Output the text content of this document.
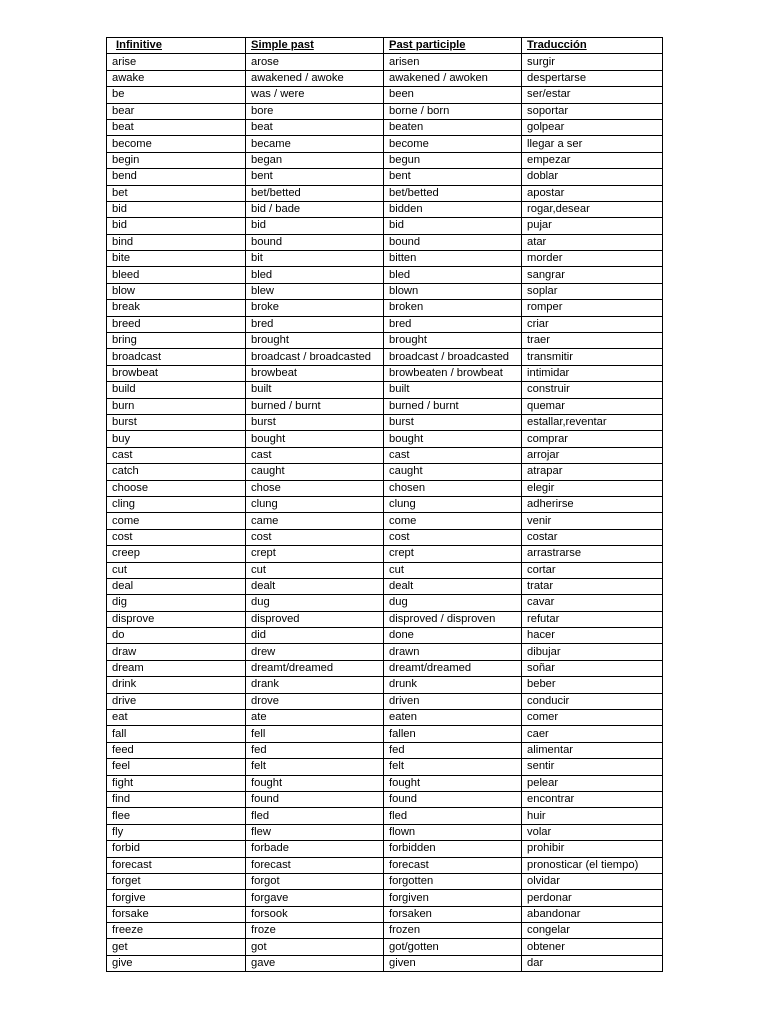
Infinitive	Simple past	Past participle	Traducción
arise	arose	arisen	surgir
awake	awakened / awoke	awakened / awoken	despertarse
be	was / were	been	ser/estar
bear	bore	borne / born	soportar
beat	beat	beaten	golpear
become	became	become	llegar a ser
begin	began	begun	empezar
bend	bent	bent	doblar
bet	bet/betted	bet/betted	apostar
bid	bid / bade	bidden	rogar,desear
bid	bid	bid	pujar
bind	bound	bound	atar
bite	bit	bitten	morder
bleed	bled	bled	sangrar
blow	blew	blown	soplar
break	broke	broken	romper
breed	bred	bred	criar
bring	brought	brought	traer
broadcast	broadcast / broadcasted	broadcast / broadcasted	transmitir
browbeat	browbeat	browbeaten / browbeat	intimidar
build	built	built	construir
burn	burned / burnt	burned / burnt	quemar
burst	burst	burst	estallar,reventar
buy	bought	bought	comprar
cast	cast	cast	arrojar
catch	caught	caught	atrapar
choose	chose	chosen	elegir
cling	clung	clung	adherirse
come	came	come	venir
cost	cost	cost	costar
creep	crept	crept	arrastrarse
cut	cut	cut	cortar
deal	dealt	dealt	tratar
dig	dug	dug	cavar
disprove	disproved	disproved / disproven	refutar
do	did	done	hacer
draw	drew	drawn	dibujar
dream	dreamt/dreamed	dreamt/dreamed	soñar
drink	drank	drunk	beber
drive	drove	driven	conducir
eat	ate	eaten	comer
fall	fell	fallen	caer
feed	fed	fed	alimentar
feel	felt	felt	sentir
fight	fought	fought	pelear
find	found	found	encontrar
flee	fled	fled	huir
fly	flew	flown	volar
forbid	forbade	forbidden	prohibir
forecast	forecast	forecast	pronosticar (el tiempo)
forget	forgot	forgotten	olvidar
forgive	forgave	forgiven	perdonar
forsake	forsook	forsaken	abandonar
freeze	froze	frozen	congelar
get	got	got/gotten	obtener
give	gave	given	dar
